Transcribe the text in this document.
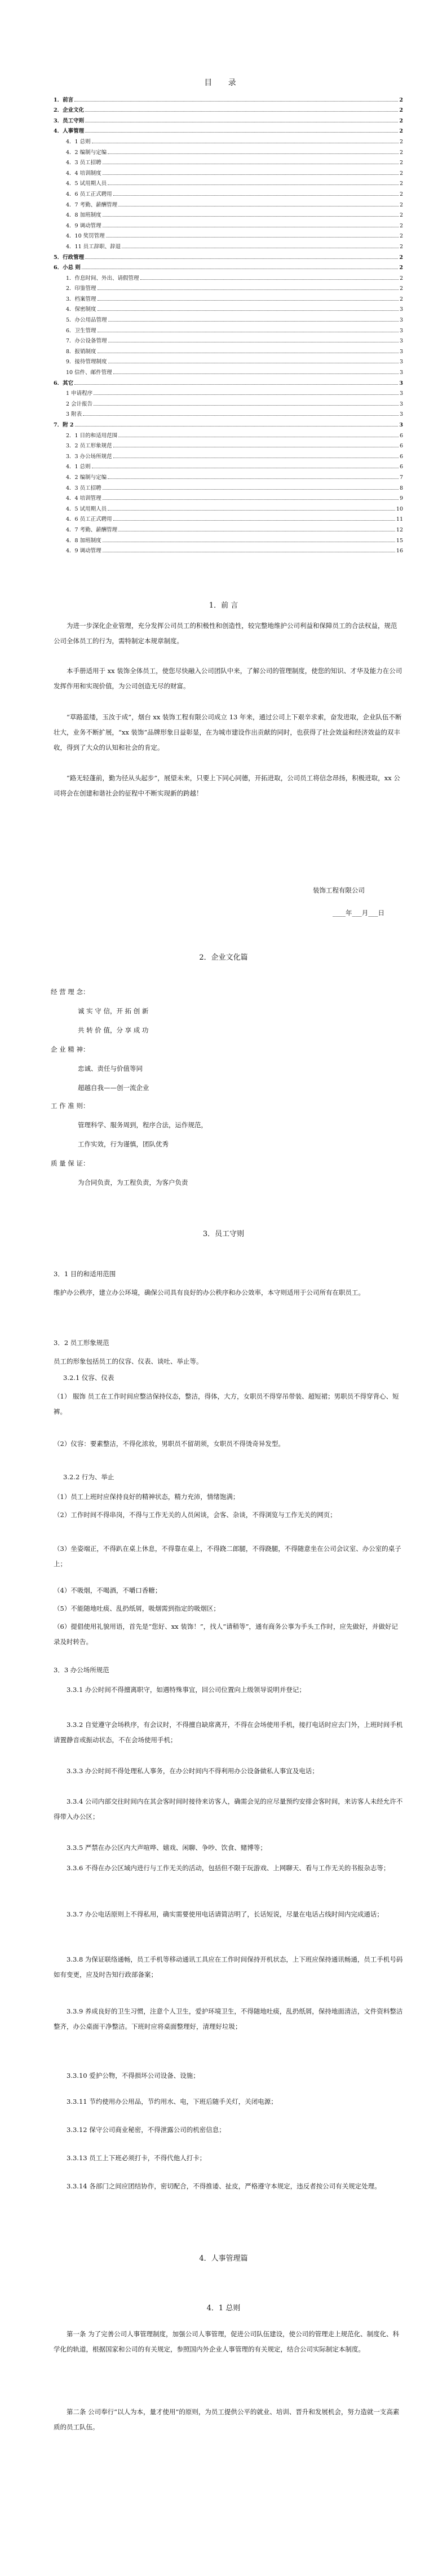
目 录
1．前言	2
2．企业文化	2
3．员工守则	2
4．人事管理	2
4．1 总则	2
4．2 编制与定编	2
4．3 员工招聘	2
4．4 培训制度	2
4．5 试用期人员	2
4．6 员工正式聘用	2
4．7 考勤、薪酬管理	2
4．8 加班制度	2
4．9 调动管理	2
4．10 奖罚管理	2
4．11 员工辞职、辞退	2
5．行政管理	2
6．小总 则	2
1．作息时间、外出、请假管理	2
2．印鉴管理	2
3．档案管理	2
4．保密制度	3
5．办公用品管理	3
6．卫生管理	3
7．办公设备管理	3
8．报销制度	3
9．接待管理制度	3
10 信件、邮件管理	3
6．其它	3
1 申请程序	3
2 会计报告	3
3 附表	3
7．附 2	3
2．1 目的和适用范围	6
3．2 员工形象规范	6
3．3 办公场所规范	6
4．1 总则	6
4．2 编制与定编	7
4．3 员工招聘	8
4．4 培训管理	9
4．5 试用期人员	10
4．6 员工正式聘用	11
4．7 考勤、薪酬管理	12
4．8 加班制度	15
4．9 调动管理	16
1．前 言
为进一步深化企业管理，充分发挥公司员工的积极性和创造性，较完整地维护公司利益和保障员工的合法权益，规范公司全体员工的行为，需特制定本规章制度。
本手册适用于 xx 装饰全体员工，使您尽快融入公司团队中来，了解公司的管理制度，使您的知识、才华及能力在公司发挥作用和实现价值，为公司创造无尽的财富。
“草路蓝缕，玉汝于成”，烟台 xx 装饰工程有限公司成立 13 年来，通过公司上下艰辛求索，奋发进取，企业队伍不断壮大，业务不断扩展，“xx 装饰”品牌形象日益彰显，在为城市建设作出贡献的同时，也获得了社会效益和经济效益的双丰收，得到了大众的认知和社会的肯定。
“路无轻蓬前，勤为径从头起步”，展望未来，只要上下同心同德，开拓进取，公司员工将信念昂扬，积极进取，xx 公司将会在创建和谐社会的征程中不断实现新的跨越！
装饰工程有限公司
____年___月___日
2．企业文化篇
经 营 理 念：
诚 实 守 信，开 拓 创 新
共 转 价 值，分 享 成 功
企 业 精 神：
忠诚、责任与价值等同
超越自我——创一流企业
工 作 准 则：
管理科学、服务周到，程序合法，运作规范，
工作实效，行为谨慎，团队优秀
质 量 保 证：
为合同负责，为工程负责，为客户负责
3．员工守则
3．1 目的和适用范围
维护办公秩序，建立办公环境，确保公司具有良好的办公秩序和办公效率，本守则适用于公司所有在职员工。
3．2 员工形象规范
员工的形象包括员工的仪容、仪表、谈吐、举止等。
3.2.1 仪容、仪表
（1） 服饰 员工在工作时间应整洁保持仪态，整洁，得体，大方，女职员不得穿吊带装、超短裙；男职员不得穿背心、短裤。
（2）仪容：要素整洁，不得化浓妆，男职员不留胡须，女职员不得烫奇异发型。
3.2.2 行为、举止
（1）员工上班时应保持良好的精神状态，精力充沛，情绪饱满；
（2）工作时间不得串岗，不得与工作无关的人员闲谈，会客、杂谈，不得浏览与工作无关的网页；
（3）坐姿端正，不得趴在桌上休息，不得靠在桌上，不得跷二郎腿，不得跷腿，不得随意坐在公司会议室、办公室的桌子上；
（4）不吸烟，不喝酒，不嚼口香糖；
（5）不能随地吐痰、乱扔纸屑，吸烟需到指定的吸烟区；
（6）提倡使用礼貌用语，首先是“您好、xx 装饰！”，找人“请稍等”，通有商务公事为手头工作时，应先做好，并做好记录及时转告。
3．3 办公场所规范
3.3.1 办公时间不得擅离职守，如遇特殊事宜，回公司位置向上级领导说明并登记；
3.3.2 自觉遵守会场秩序，有会议时，不得擅自缺席离开，不得在会场使用手机，接打电话时应去门外，上班时间手机请置静音或振动状态，不在会场使用手机；
3.3.3 办公时间不得处理私人事务，在办公时间内不得利用办公设备做私人事宜及电话；
3.3.4 公司内部交往时间内在其会客时间时接待来访客人，确需会见的应尽量预约安排会客时间，来访客人未经允许不得带入办公区；
3.3.5 严禁在办公区内大声喧哗、嬉戏、闲聊、争吵、饮食、赌博等；
3.3.6 不得在办公区域内进行与工作无关的活动，包括但不限于玩游戏、上网聊天、看与工作无关的书报杂志等；
3.3.7 办公电话原则上不得私用，确实需要使用电话请简洁明了，长话短说，尽量在电话占线时间内完成通话；
3.3.8 为保证联络通畅，员工手机等移动通讯工具应在工作时间保持开机状态，上下班应保持通讯畅通，员工手机号码如有变更，应及时告知行政部备案；
3.3.9 养成良好的卫生习惯，注意个人卫生，爱护环境卫生，不得随地吐痰，乱扔纸屑，保持地面清洁，文件资料整洁整齐，办公桌面干净整洁。下班时应将桌面整理好，清理好垃圾；
3.3.10 爱护公物，不得损坏公司设备、设施；
3.3.11 节约使用办公用品，节约用水、电，下班后随手关灯，关闭电源；
3.3.12 保守公司商业秘密，不得泄露公司的机密信息；
3.3.13 员工上下班必须打卡，不得代他人打卡；
3.3.14 各部门之间应团结协作，密切配合，不得推诿、扯皮，严格遵守本规定，违反者按公司有关规定处理。
4．人事管理篇
4．1 总则
第一条 为了完善公司人事管理制度，加强公司人事管理，促进公司队伍建设，使公司的管理走上规范化、制度化、科学化的轨道，根据国家和公司的有关规定，参照国内外企业人事管理的有关规定，结合公司实际制定本制度。
第二条 公司奉行“以人为本，量才使用”的原则，为员工提供公平的就业、培训、晋升和发展机会，努力造就一支高素质的员工队伍。
